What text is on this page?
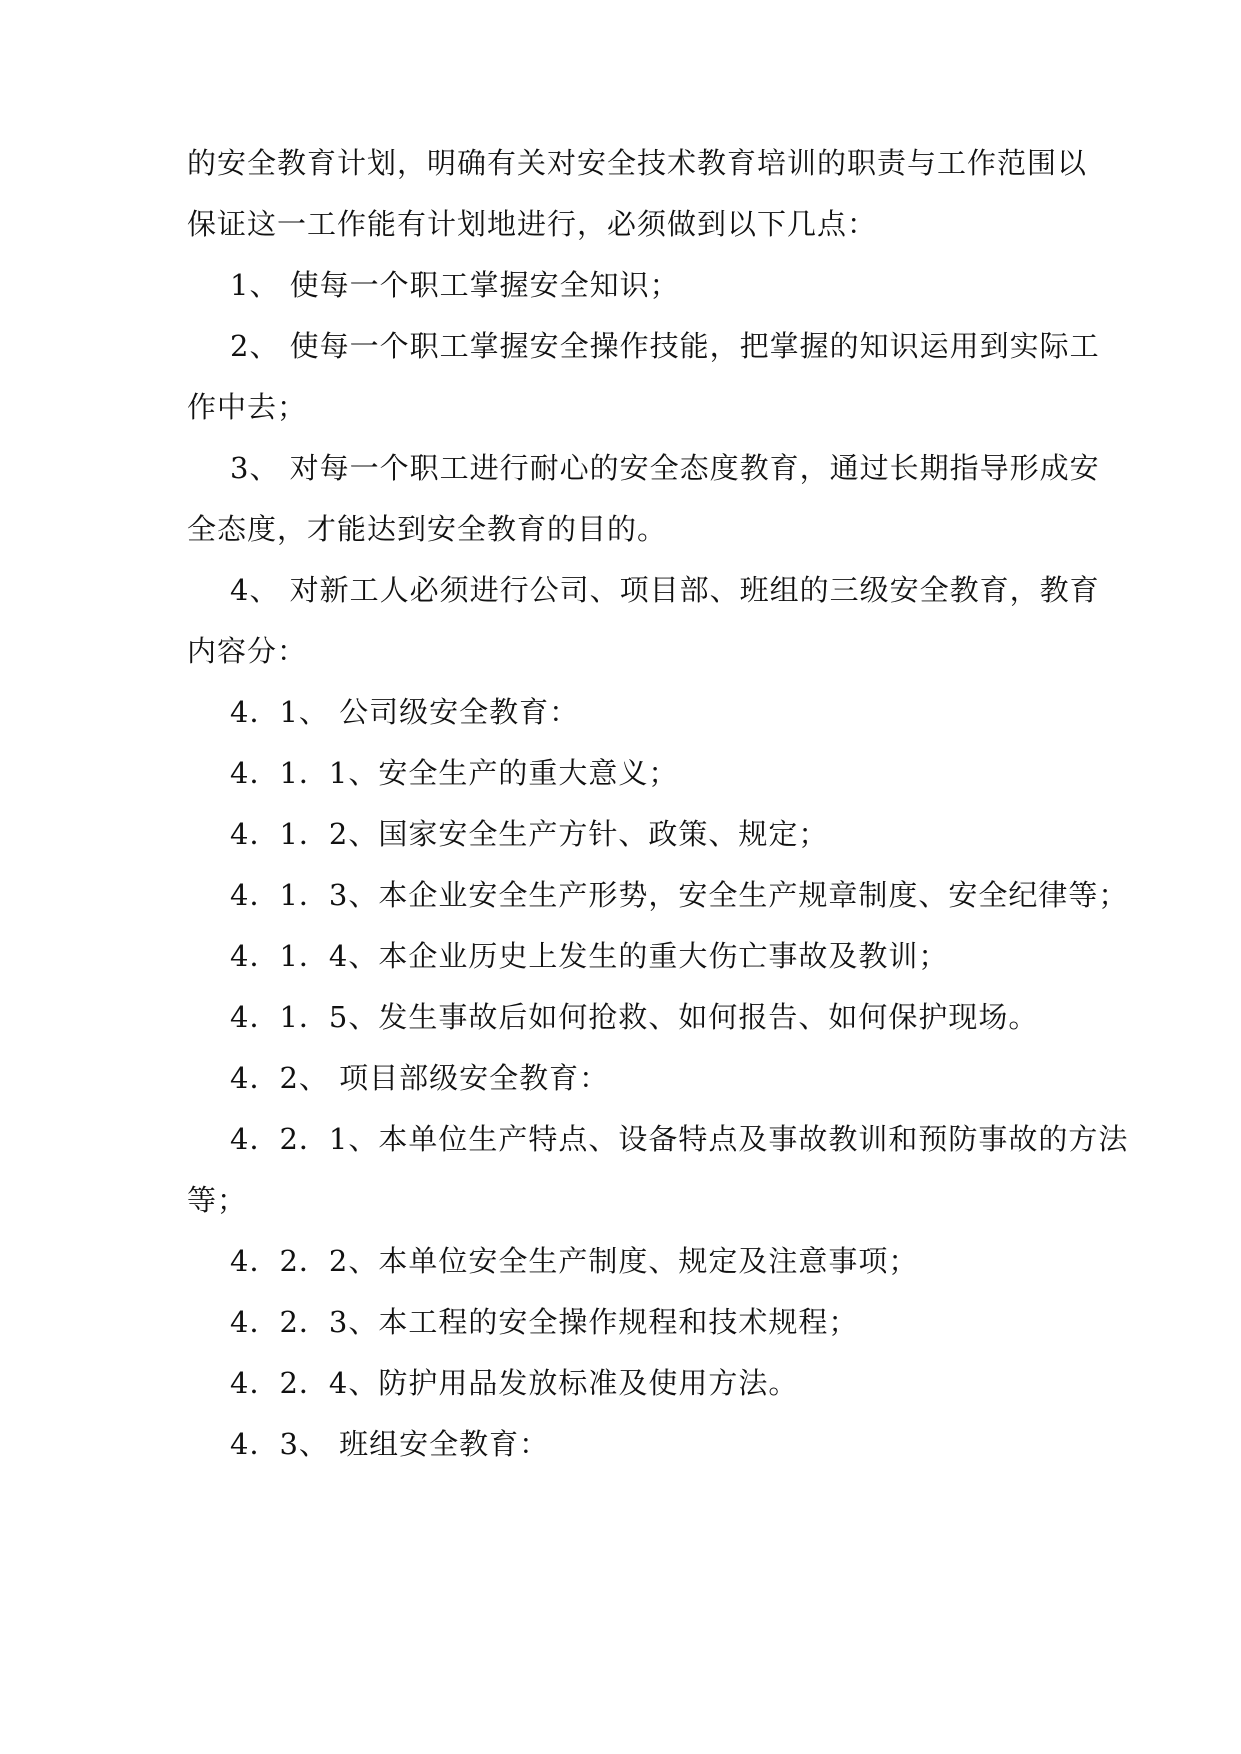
的安全教育计划，明确有关对安全技术教育培训的职责与工作范围以
保证这一工作能有计划地进行，必须做到以下几点：
1、 使每一个职工掌握安全知识；
2、 使每一个职工掌握安全操作技能，把掌握的知识运用到实际工
作中去；
3、 对每一个职工进行耐心的安全态度教育，通过长期指导形成安
全态度，才能达到安全教育的目的。
4、 对新工人必须进行公司、项目部、班组的三级安全教育，教育
内容分：
4．1、 公司级安全教育：
4．1．1、安全生产的重大意义；
4．1．2、国家安全生产方针、政策、规定；
4．1．3、本企业安全生产形势，安全生产规章制度、安全纪律等；
4．1．4、本企业历史上发生的重大伤亡事故及教训；
4．1．5、发生事故后如何抢救、如何报告、如何保护现场。
4．2、 项目部级安全教育：
4．2．1、本单位生产特点、设备特点及事故教训和预防事故的方法
等；
4．2．2、本单位安全生产制度、规定及注意事项；
4．2．3、本工程的安全操作规程和技术规程；
4．2．4、防护用品发放标准及使用方法。
4．3、 班组安全教育：
